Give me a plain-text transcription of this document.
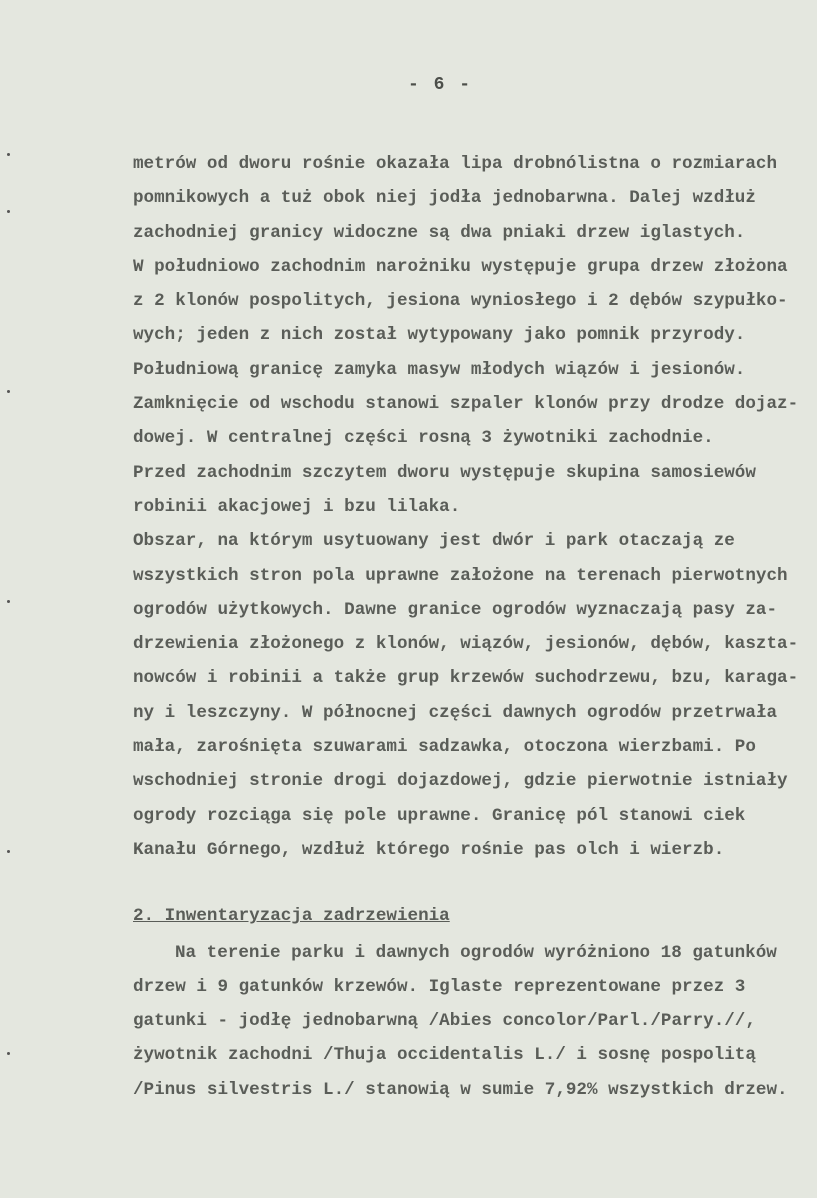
- 6 -
metrów od dworu rośnie okazała lipa drobnólistna o rozmiarach
pomnikowych a tuż obok niej jodła jednobarwna. Dalej wzdłuż
zachodniej granicy widoczne są dwa pniaki drzew iglastych.
W południowo zachodnim narożniku występuje grupa drzew złożona
z 2 klonów pospolitych, jesiona wyniosłego i 2 dębów szypułko-
wych; jeden z nich został wytypowany jako pomnik przyrody.
Południową granicę zamyka masyw młodych wiązów i jesionów.
Zamknięcie od wschodu stanowi szpaler klonów przy drodze dojaz-
dowej. W centralnej części rosną 3 żywotniki zachodnie.
Przed zachodnim szczytem dworu występuje skupina samosiewów
robinii akacjowej i bzu lilaka.
Obszar, na którym usytuowany jest dwór i park otaczają ze
wszystkich stron pola uprawne założone na terenach pierwotnych
ogrodów użytkowych. Dawne granice ogrodów wyznaczają pasy za-
drzewienia złożonego z klonów, wiązów, jesionów, dębów, kaszta-
nowców i robinii a także grup krzewów suchodrzewu, bzu, karaga-
ny i leszczyny. W północnej części dawnych ogrodów przetrwała
mała, zarośnięta szuwarami sadzawka, otoczona wierzbami. Po
wschodniej stronie drogi dojazdowej, gdzie pierwotnie istniały
ogrody rozciąga się pole uprawne. Granicę pól stanowi ciek
Kanału Górnego, wzdłuż którego rośnie pas olch i wierzb.
2. Inwentaryzacja zadrzewienia
Na terenie parku i dawnych ogrodów wyróżniono 18 gatunków
drzew i 9 gatunków krzewów. Iglaste reprezentowane przez 3
gatunki - jodłę jednobarwną /Abies concolor/Parl./Parry.//,
żywotnik zachodni /Thuja occidentalis L./ i sosnę pospolitą
/Pinus silvestris L./ stanowią w sumie 7,92% wszystkich drzew.
